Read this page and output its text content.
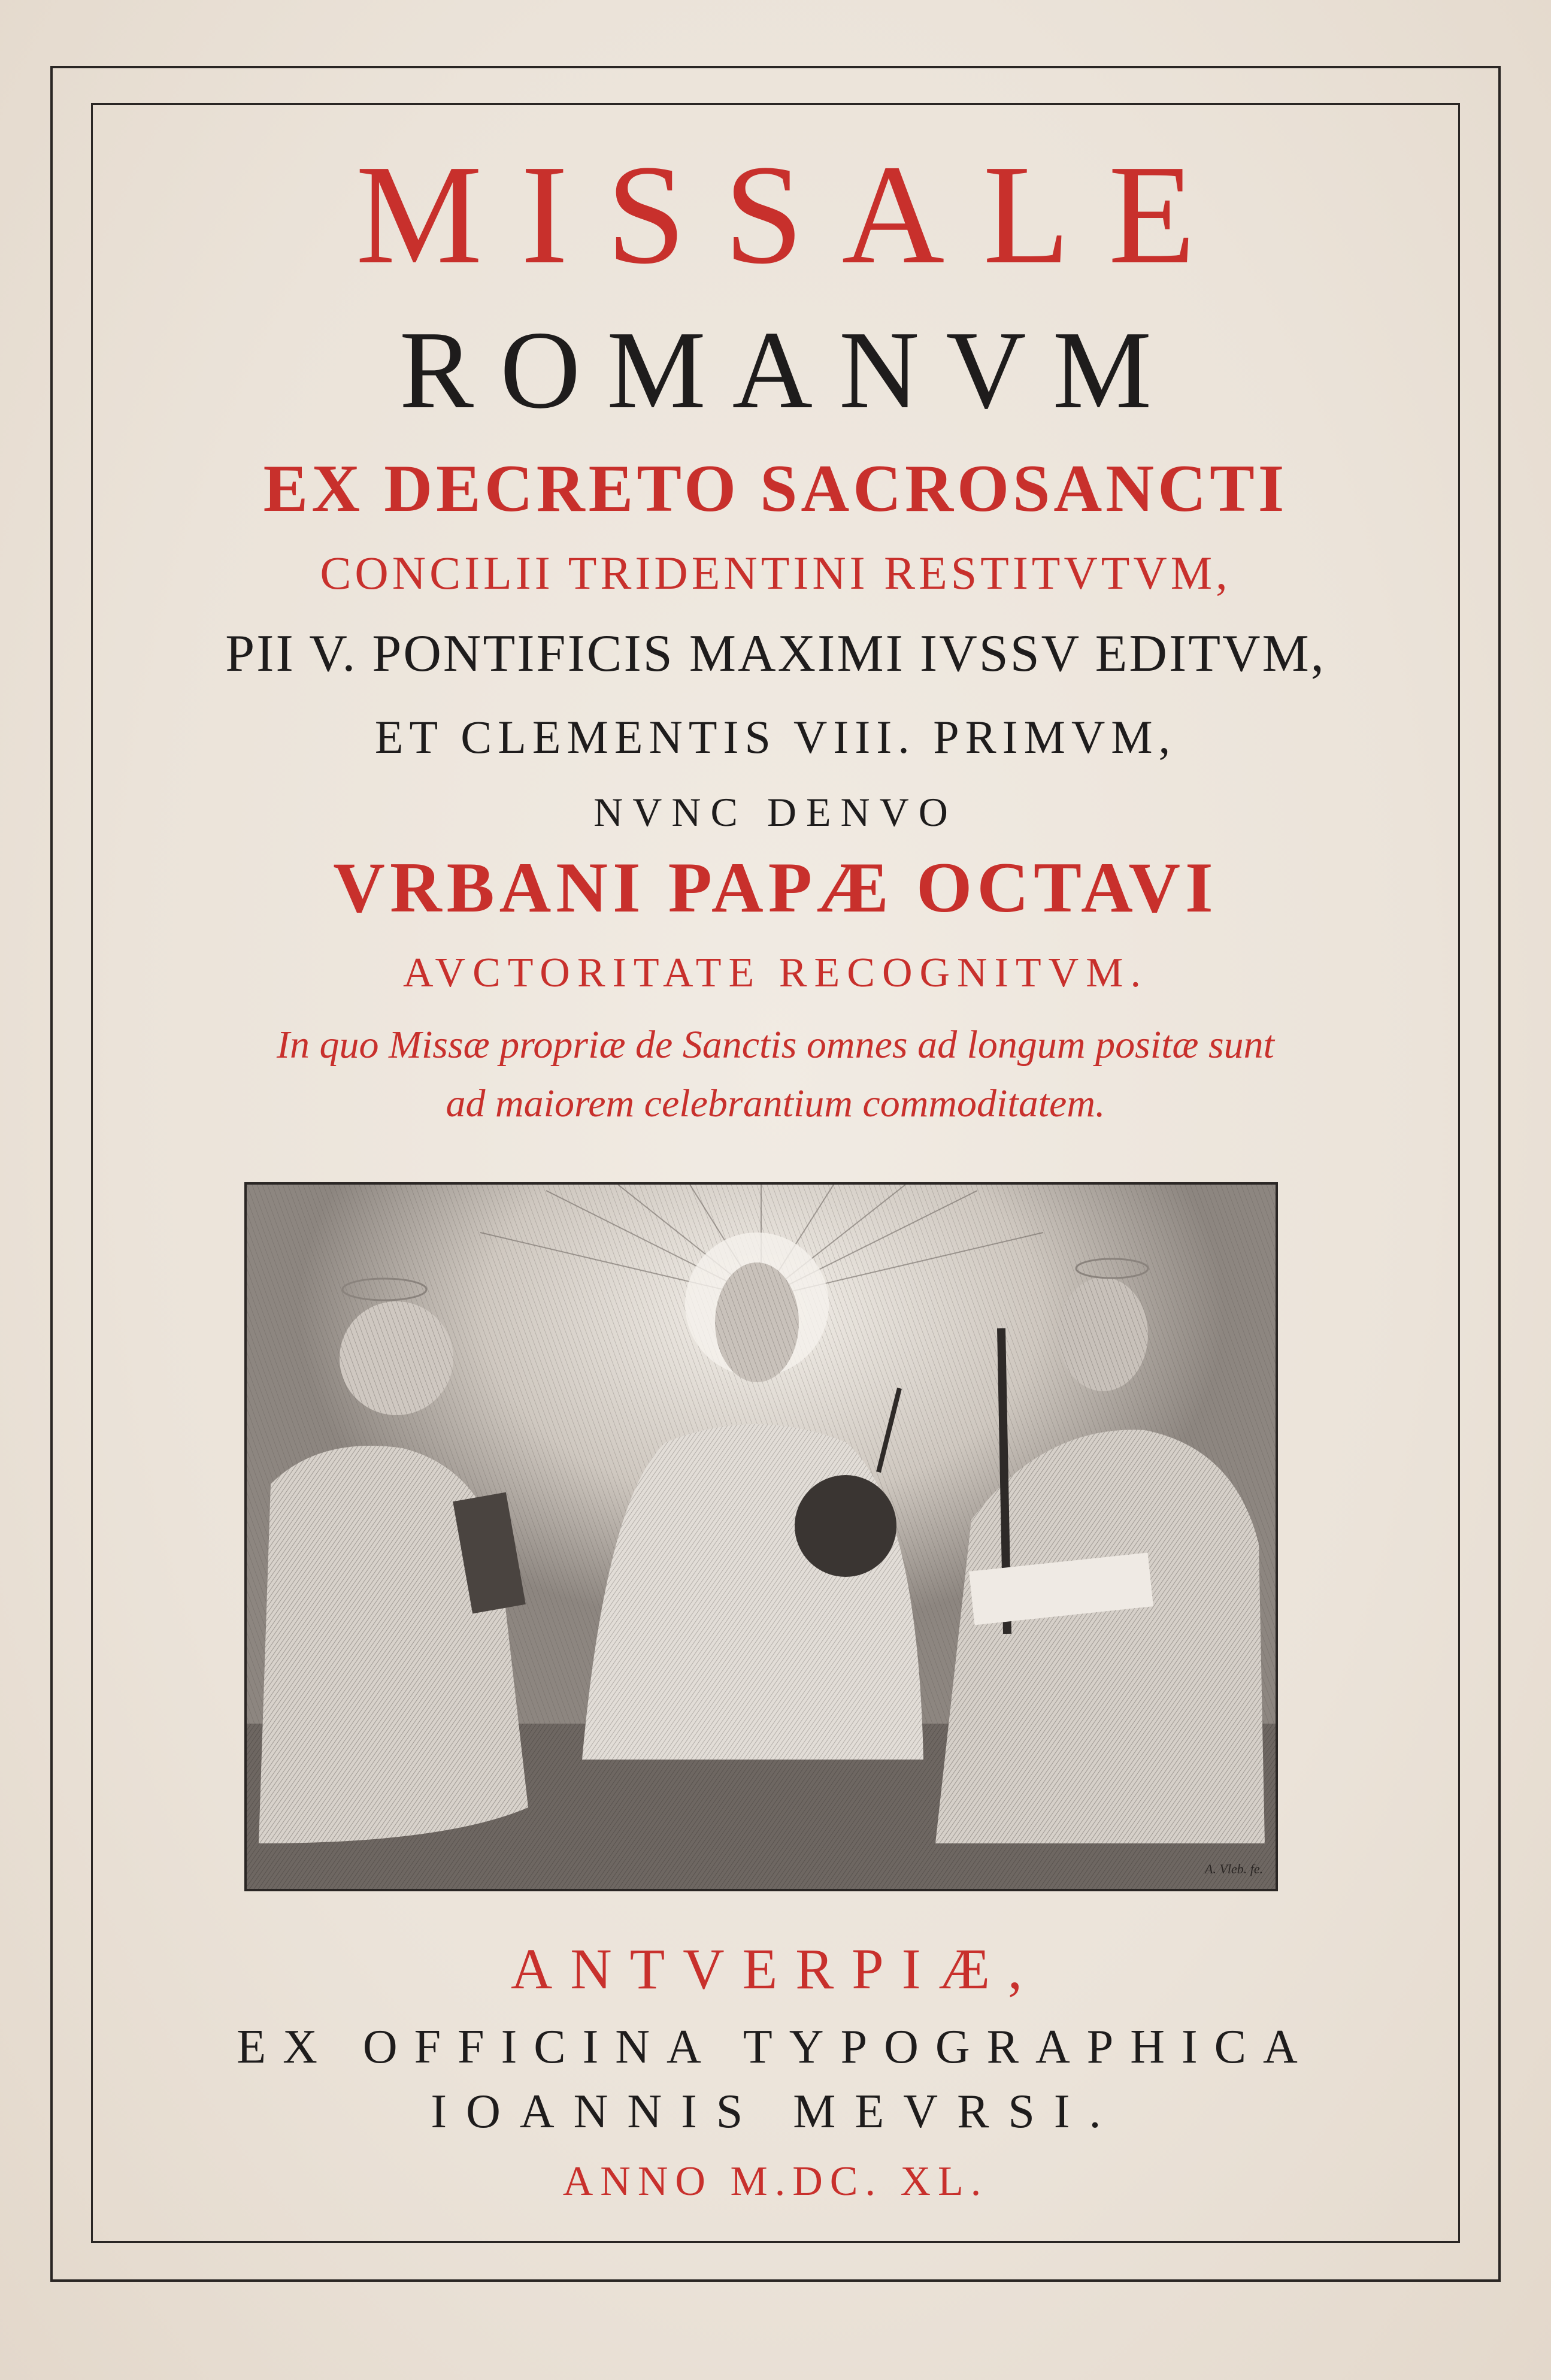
MISSALE
ROMANVM
EX DECRETO SACROSANCTI
CONCILII TRIDENTINI RESTITVTVM,
PII V. PONTIFICIS MAXIMI IVSSV EDITVM,
ET CLEMENTIS VIII. PRIMVM,
NVNC DENVO
VRBANI PAPÆ OCTAVI
AVCTORITATE RECOGNITVM.
In quo Missæ propriæ de Sanctis omnes ad longum positæ sunt
ad maiorem celebrantium commoditatem.
A. Vleb. fe.
ANTVERPIÆ,
EX OFFICINA TYPOGRAPHICA
IOANNIS MEVRSI.
ANNO M.DC. XL.
